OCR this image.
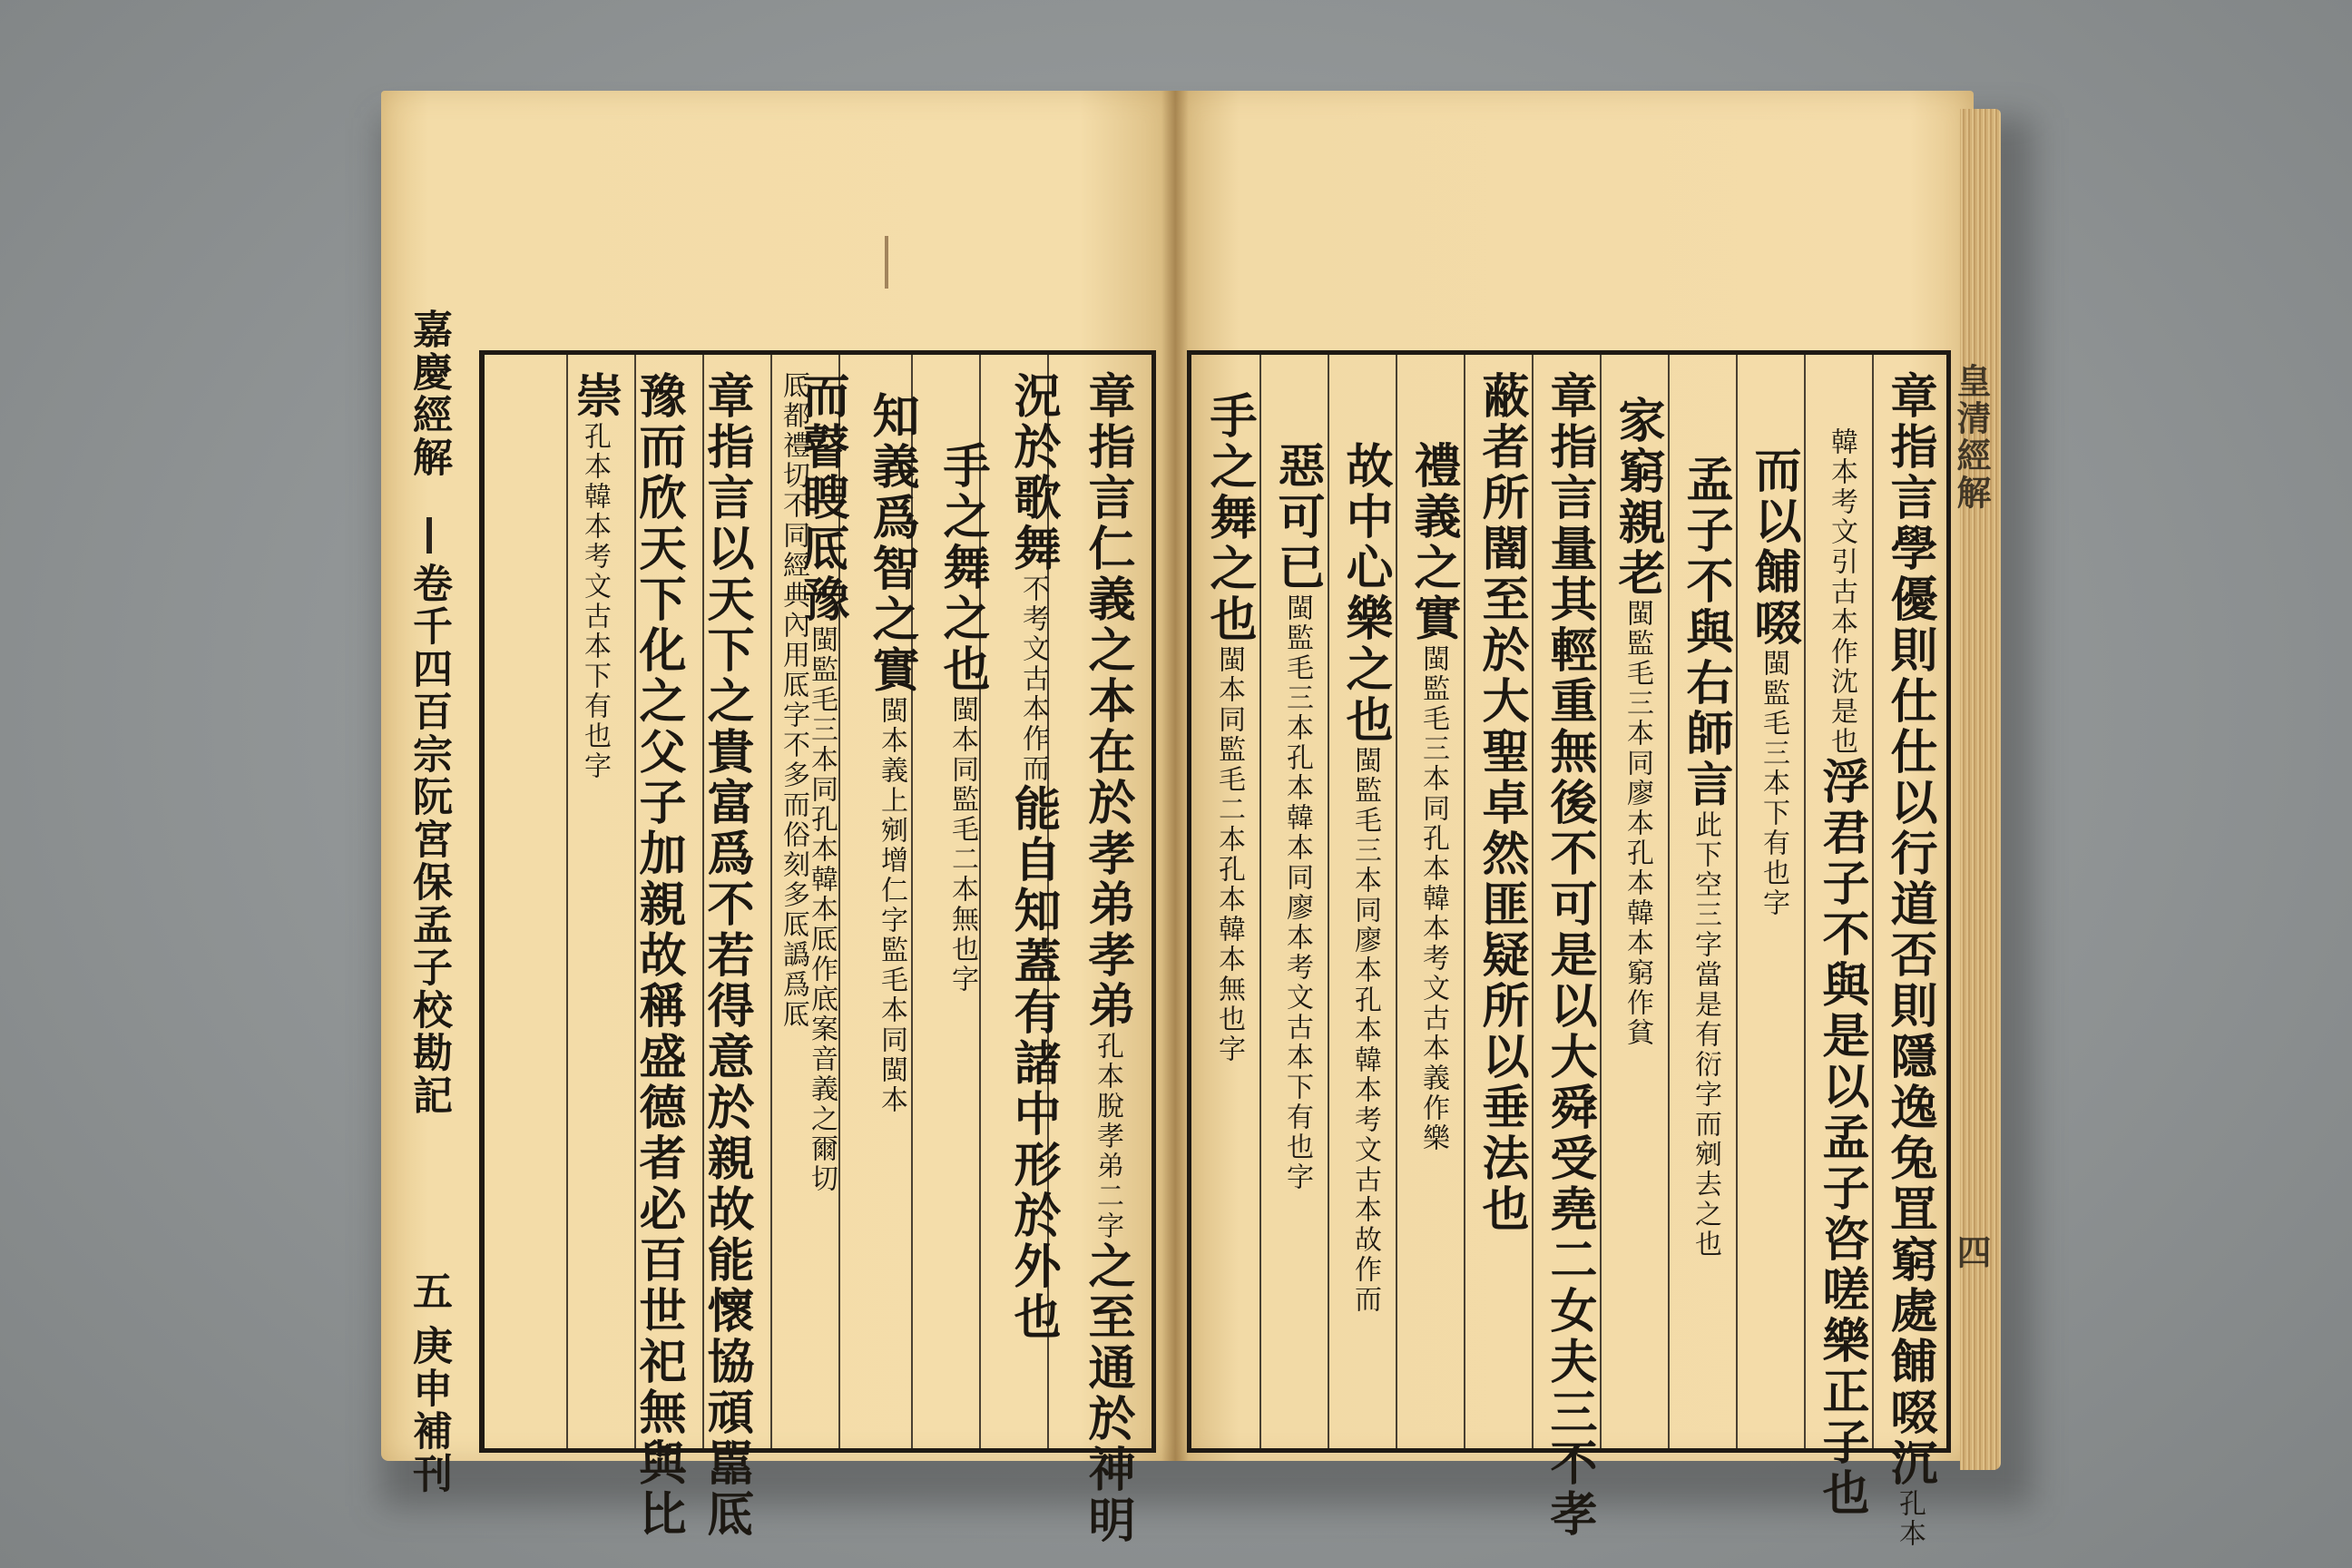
章指言仁義之本在於孝弟孝弟孔本脫孝弟二字之至通於神明
況於歌舞不考文古本作而能自知蓋有諸中形於外也
手之舞之也閩本同監毛二本無也字
知義爲智之實閩本義上剜增仁字監毛本同閩本
而瞽瞍厎豫閩監毛三本同孔本韓本厎作底案音義之爾切
厎都禮切不同經典內用厎字不多而俗刻多厎譌爲厎
章指言以天下之貴富爲不若得意於親故能懷協頑嚚厎
豫而欣天下化之父子加親故稱盛德者必百世祀無與比
崇孔本韓本考文古本下有也字
嘉慶經解
卷千四百宗阮宮保孟子校勘記
五
庚申補刊	章指言學優則仕仕以行道否則隱逸兔罝窮處餔啜沉孔本
韓本考文引古本作沈是也浮君子不與是以孟子咨嗟樂正子也
而以餔啜閩監毛三本下有也字
孟子不與右師言此下空三字當是有衍字而剜去之也
家窮親老閩監毛三本同廖本孔本韓本窮作貧
章指言量其輕重無後不可是以大舜受堯二女夫三不孝
蔽者所闇至於大聖卓然匪疑所以垂法也
禮義之實閩監毛三本同孔本韓本考文古本義作樂
故中心樂之也閩監毛三本同廖本孔本韓本考文古本故作而
惡可已閩監毛三本孔本韓本同廖本考文古本下有也字
手之舞之也閩本同監毛二本孔本韓本無也字
皇清經解
四
